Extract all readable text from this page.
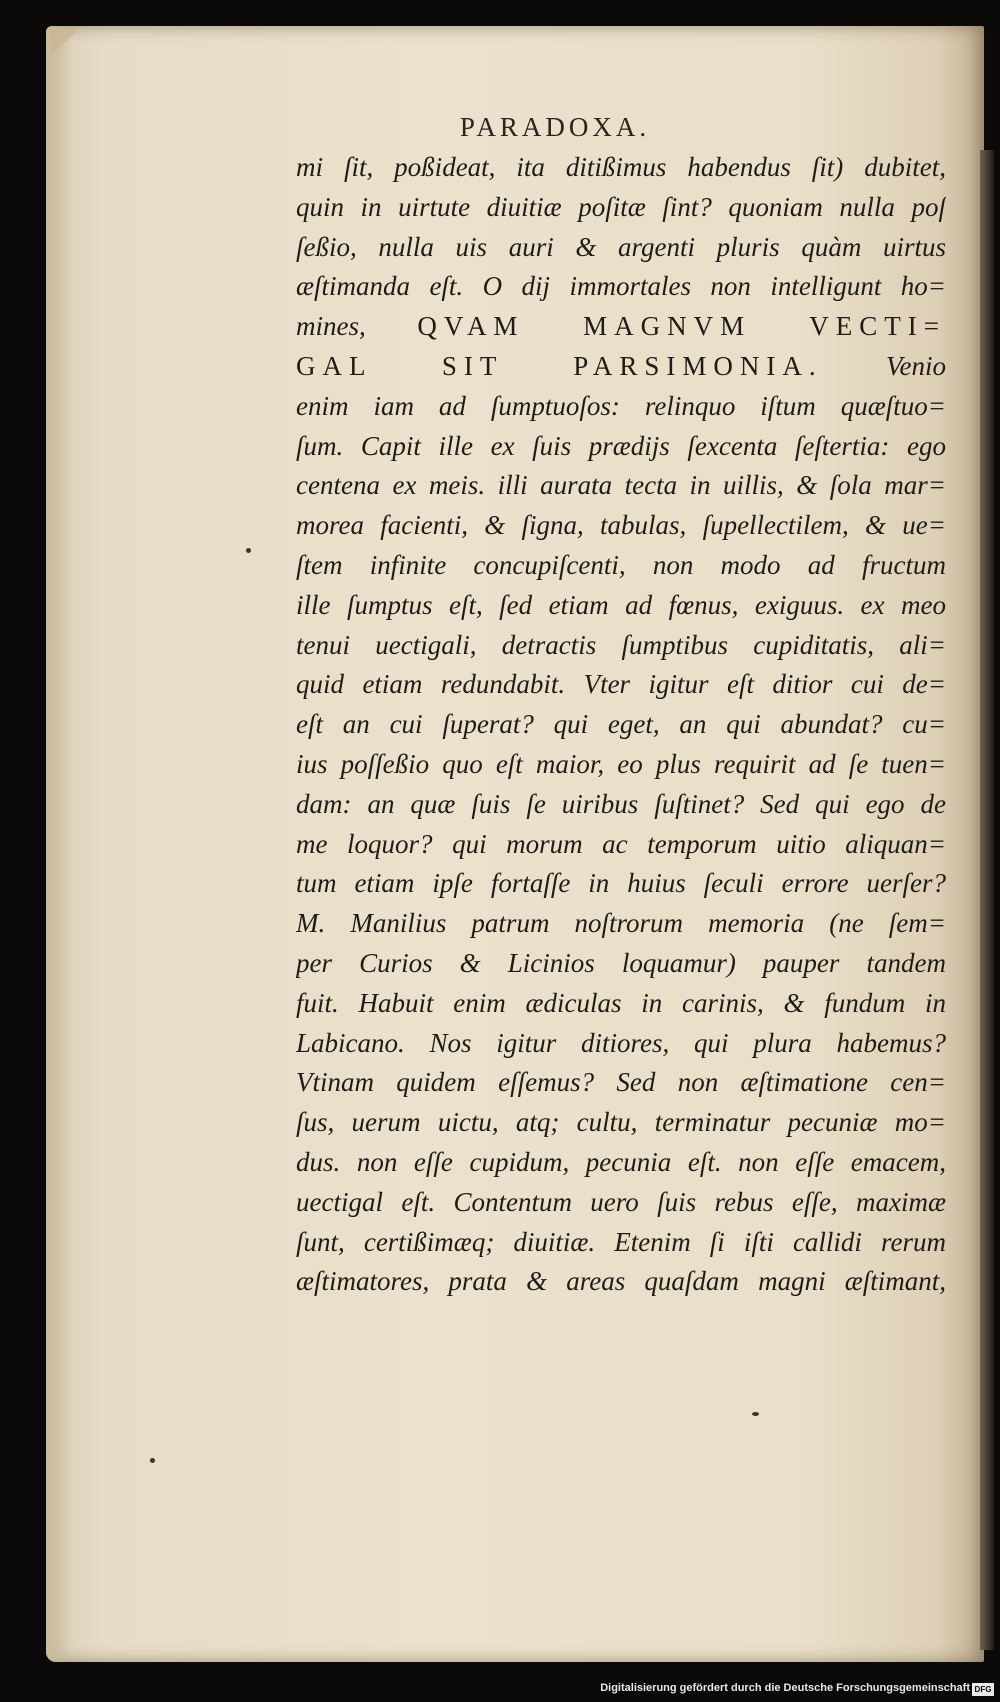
PARADOXA.
mi ſit, poßideat, ita ditißimus habendus ſit) dubitet,
quin in uirtute diuitiæ poſitæ ſint? quoniam nulla poſ
ſeßio, nulla uis auri & argenti pluris quàm uirtus
æſtimanda eſt. O dij immortales non intelligunt ho=
mines, QVAM MAGNVM VECTI=
GAL SIT PARSIMONIA. Venio
enim iam ad ſumptuoſos: relinquo iſtum quæſtuo=
ſum. Capit ille ex ſuis prædijs ſexcenta ſeſtertia: ego
centena ex meis. illi aurata tecta in uillis, & ſola mar=
morea facienti, & ſigna, tabulas, ſupellectilem, & ue=
ſtem infinite concupiſcenti, non modo ad fructum
ille ſumptus eſt, ſed etiam ad fœnus, exiguus. ex meo
tenui uectigali, detractis ſumptibus cupiditatis, ali=
quid etiam redundabit. Vter igitur eſt ditior cui de=
eſt an cui ſuperat? qui eget, an qui abundat? cu=
ius poſſeßio quo eſt maior, eo plus requirit ad ſe tuen=
dam: an quæ ſuis ſe uiribus ſuſtinet? Sed qui ego de
me loquor? qui morum ac temporum uitio aliquan=
tum etiam ipſe fortaſſe in huius ſeculi errore uerſer?
M. Manilius patrum noſtrorum memoria (ne ſem=
per Curios & Licinios loquamur) pauper tandem
fuit. Habuit enim ædiculas in carinis, & fundum in
Labicano. Nos igitur ditiores, qui plura habemus?
Vtinam quidem eſſemus? Sed non æſtimatione cen=
ſus, uerum uictu, atq; cultu, terminatur pecuniæ mo=
dus. non eſſe cupidum, pecunia eſt. non eſſe emacem,
uectigal eſt. Contentum uero ſuis rebus eſſe, maximæ
ſunt, certißimæq; diuitiæ. Etenim ſi iſti callidi rerum
æſtimatores, prata & areas quaſdam magni æſtimant,
Digitalisierung gefördert durch die Deutsche Forschungsgemeinschaft DFG
